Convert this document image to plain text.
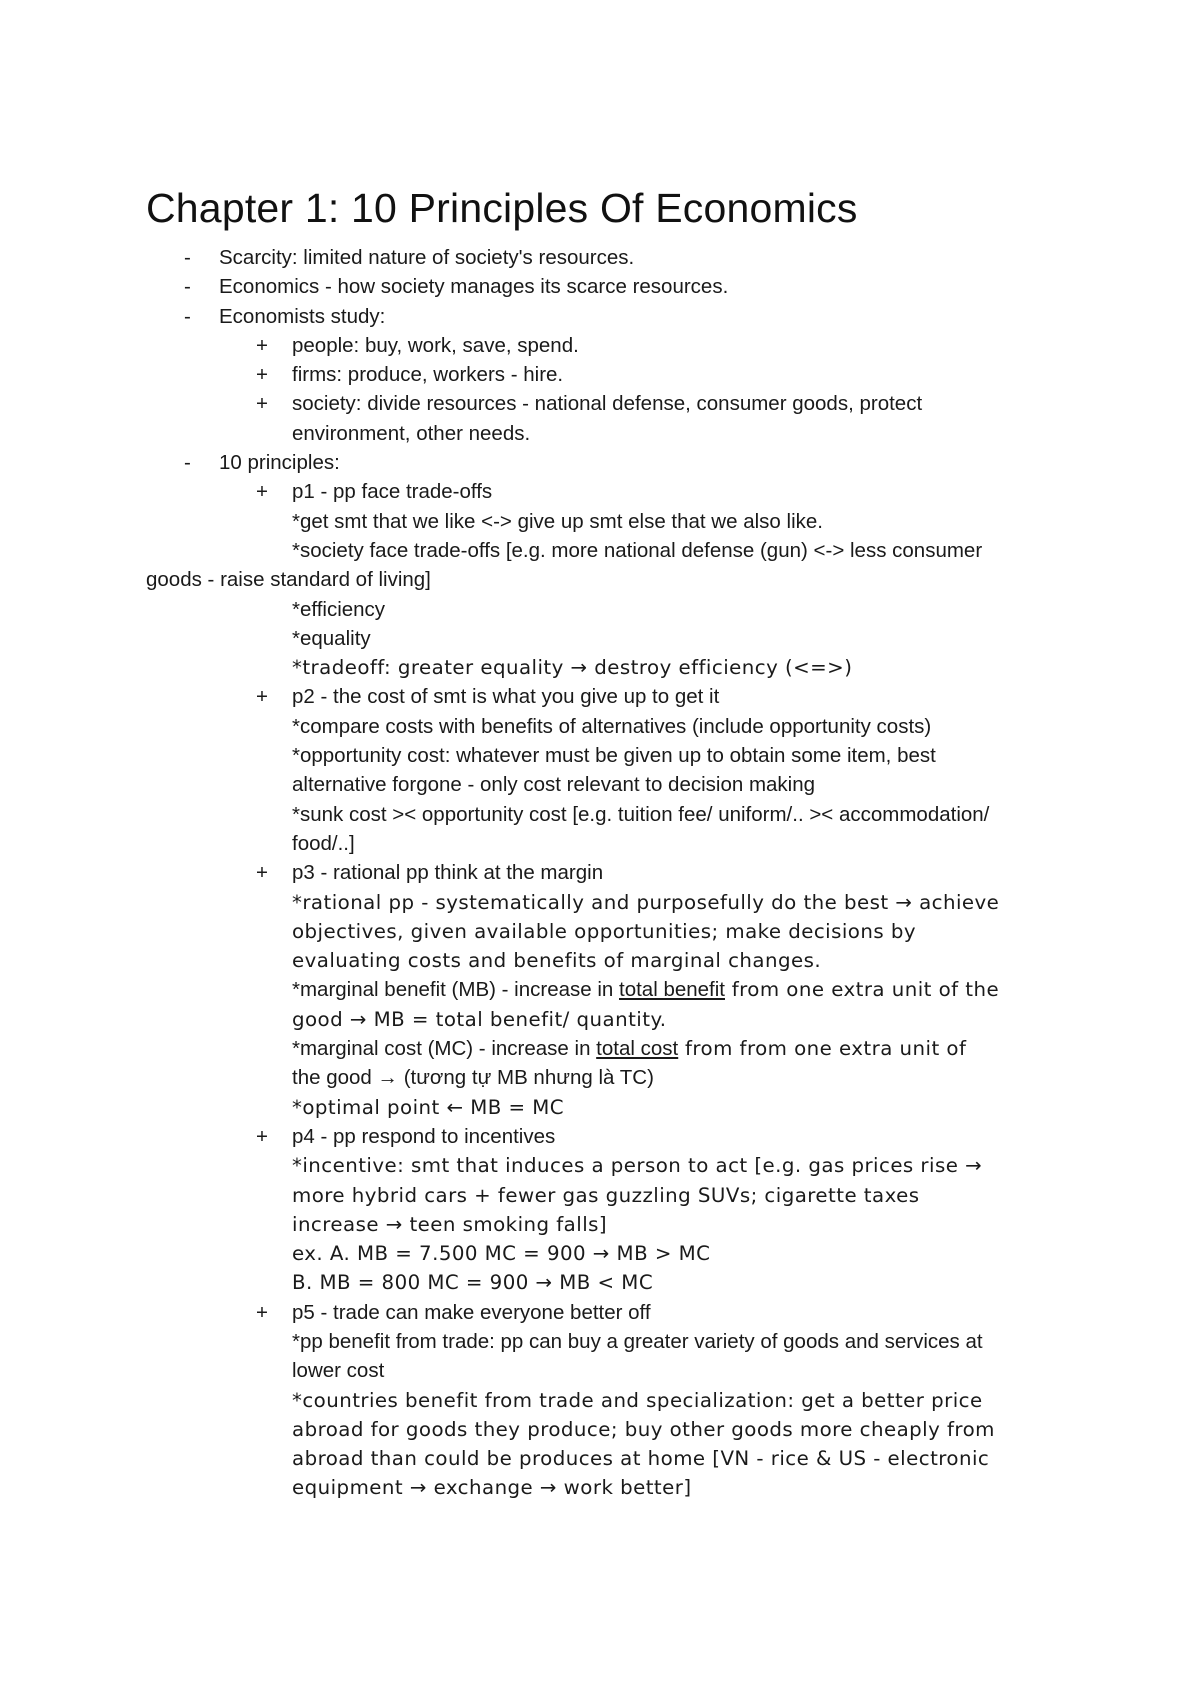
Chapter 1: 10 Principles Of Economics
- Scarcity: limited nature of society's resources.
- Economics - how society manages its scarce resources.
- Economists study:
+ people: buy, work, save, spend.
+ firms: produce, workers - hire.
+ society: divide resources - national defense, consumer goods, protect
environment, other needs.
- 10 principles:
+ p1 - pp face trade-offs
*get smt that we like <-> give up smt else that we also like.
*society face trade-offs [e.g. more national defense (gun) <-> less consumer
goods - raise standard of living]
*efficiency
*equality
*tradeoff: greater equality → destroy efficiency (<=>)
+ p2 - the cost of smt is what you give up to get it
*compare costs with benefits of alternatives (include opportunity costs)
*opportunity cost: whatever must be given up to obtain some item, best
alternative forgone - only cost relevant to decision making
*sunk cost >< opportunity cost [e.g. tuition fee/ uniform/.. >< accommodation/
food/..]
+ p3 - rational pp think at the margin
*rational pp - systematically and purposefully do the best → achieve
objectives, given available opportunities; make decisions by
evaluating costs and benefits of marginal changes.
*marginal benefit (MB) - increase in total benefit from one extra unit of the
good → MB = total benefit/ quantity.
*marginal cost (MC) - increase in total cost from from one extra unit of
the good → (tương tự MB nhưng là TC)
*optimal point ← MB = MC
+ p4 - pp respond to incentives
*incentive: smt that induces a person to act [e.g. gas prices rise →
more hybrid cars + fewer gas guzzling SUVs; cigarette taxes
increase → teen smoking falls]
ex. A. MB = 7.500 MC = 900 → MB > MC
B. MB = 800 MC = 900 → MB < MC
+ p5 - trade can make everyone better off
*pp benefit from trade: pp can buy a greater variety of goods and services at
lower cost
*countries benefit from trade and specialization: get a better price
abroad for goods they produce; buy other goods more cheaply from
abroad than could be produces at home [VN - rice & US - electronic
equipment → exchange → work better]
